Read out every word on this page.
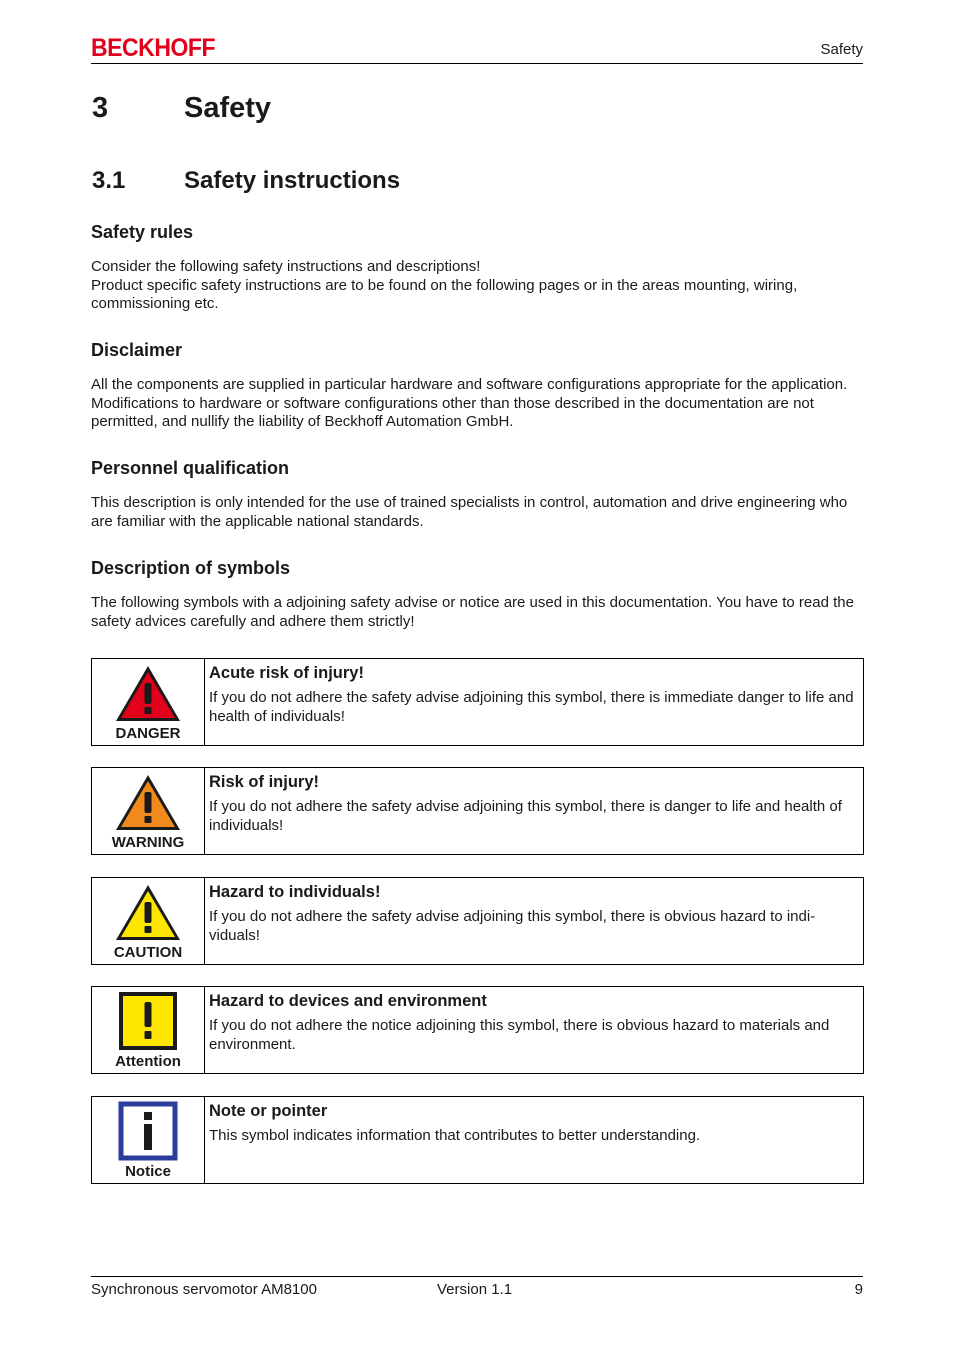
BECKHOFF	Safety
3	Safety
3.1 Safety instructions
Safety rules

Consider the following safety instructions and descriptions!

Product specific safety instructions are to be found on the following pages or in the areas mounting, wiring, commissioning etc.

Disclaimer
All the components are supplied in particular hardware and software configurations appropriate for the application. Modifications to hardware or software configurations other than those described in the documentation are not permitted, and nullify the liability of Beckhoff Automation GmbH.
Personnel qualification
This description is only intended for the use of trained specialists in control, automation and drive engineering who are familiar with the applicable national standards.
Description of symbols
The following symbols with a adjoining safety advise or notice are used in this documentation. You have to read the safety advices carefully and adhere them strictly!
DANGER
Acute risk of injury!
If you do not adhere the safety advise adjoining this symbol, there is immediate danger to life and health of individuals!
WARNING
Risk of injury!
If you do not adhere the safety advise adjoining this symbol, there is danger to life and health of individuals!
CAUTION
Hazard to individuals!
If you do not adhere the safety advise adjoining this symbol, there is obvious hazard to indi-viduals!
Attention
Hazard to devices and environment
If you do not adhere the notice adjoining this symbol, there is obvious hazard to materials and environment.
Notice
Note or pointer
This symbol indicates information that contributes to better understanding.
Synchronous servomotor AM8100	Version 1.1	9
